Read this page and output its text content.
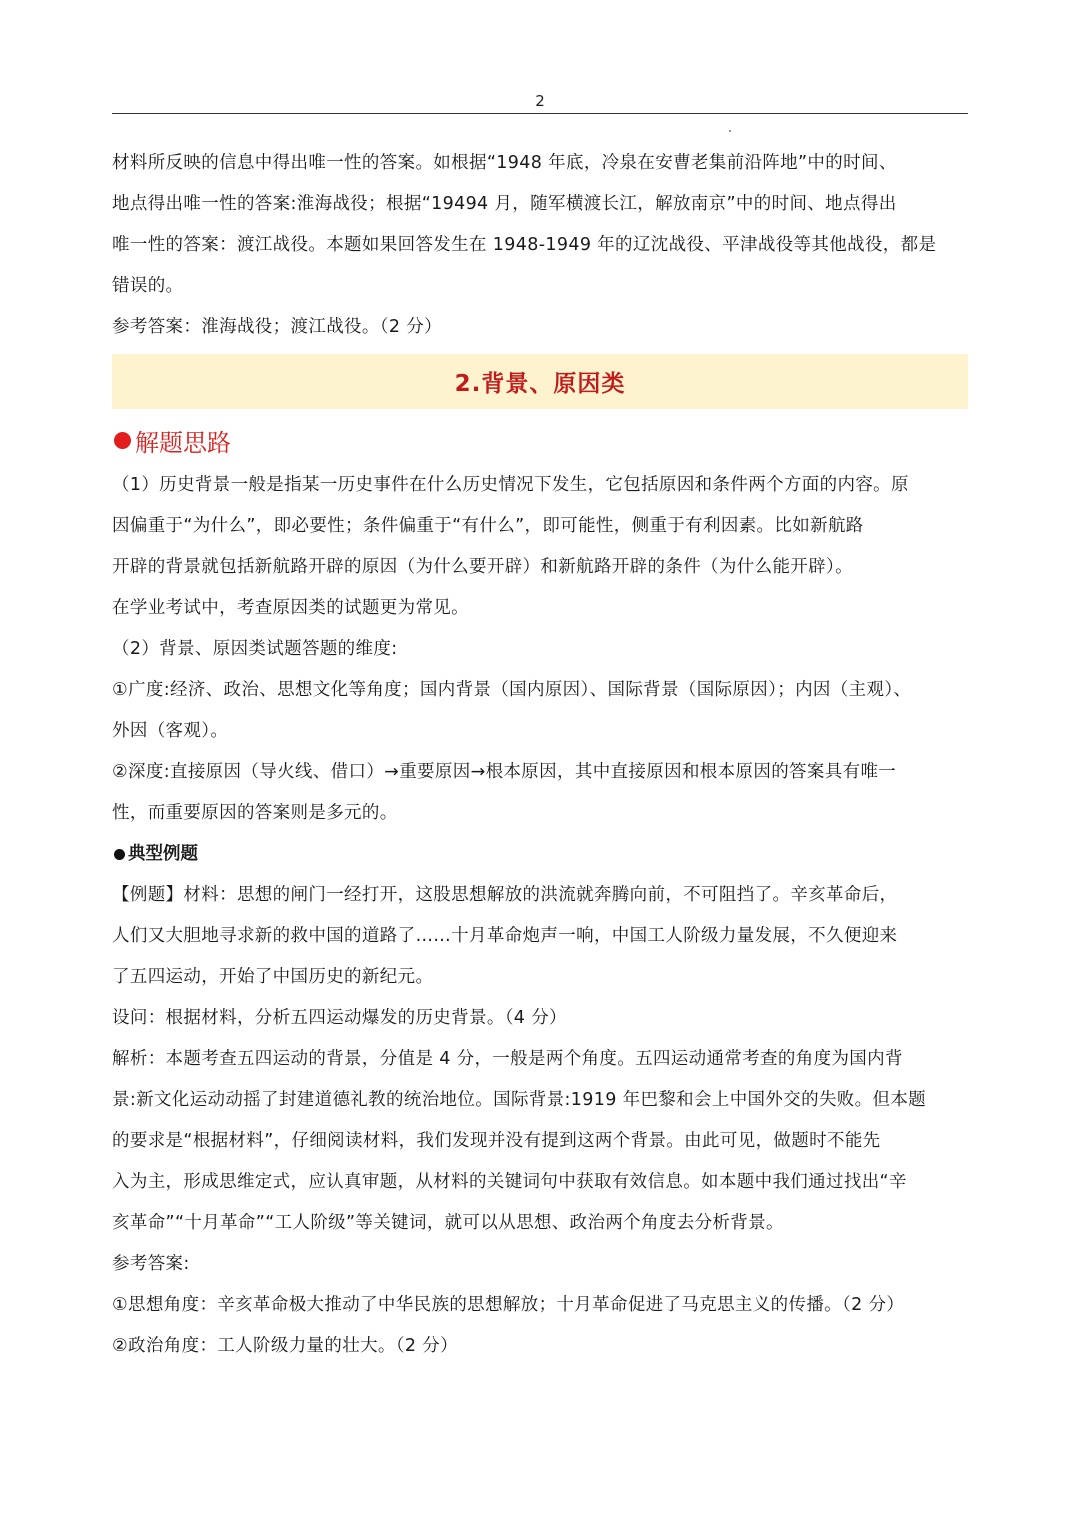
2
材料所反映的信息中得出唯一性的答案。如根据“1948 年底，冷泉在安曹老集前沿阵地”中的时间、
地点得出唯一性的答案:淮海战役；根据“19494 月，随军横渡长江，解放南京”中的时间、地点得出
唯一性的答案：渡江战役。本题如果回答发生在 1948-1949 年的辽沈战役、平津战役等其他战役，都是
错误的。
参考答案：淮海战役；渡江战役。（2 分）
2.背景、原因类
解题思路
（1）历史背景一般是指某一历史事件在什么历史情况下发生，它包括原因和条件两个方面的内容。原
因偏重于“为什么”，即必要性；条件偏重于“有什么”，即可能性，侧重于有利因素。比如新航路
开辟的背景就包括新航路开辟的原因（为什么要开辟）和新航路开辟的条件（为什么能开辟）。
在学业考试中，考查原因类的试题更为常见。
（2）背景、原因类试题答题的维度:
①广度:经济、政治、思想文化等角度；国内背景（国内原因）、国际背景（国际原因）；内因（主观）、
外因（客观）。
②深度:直接原因（导火线、借口）→重要原因→根本原因，其中直接原因和根本原因的答案具有唯一
性，而重要原因的答案则是多元的。
典型例题
【例题】材料：思想的闸门一经打开，这股思想解放的洪流就奔腾向前，不可阻挡了。辛亥革命后，
人们又大胆地寻求新的救中国的道路了……十月革命炮声一响，中国工人阶级力量发展，不久便迎来
了五四运动，开始了中国历史的新纪元。
设问：根据材料，分析五四运动爆发的历史背景。（4 分）
解析：本题考查五四运动的背景，分值是 4 分，一般是两个角度。五四运动通常考查的角度为国内背
景:新文化运动动摇了封建道德礼教的统治地位。国际背景:1919 年巴黎和会上中国外交的失败。但本题
的要求是“根据材料”，仔细阅读材料，我们发现并没有提到这两个背景。由此可见，做题时不能先
入为主，形成思维定式，应认真审题，从材料的关键词句中获取有效信息。如本题中我们通过找出“辛
亥革命”“十月革命”“工人阶级”等关键词，就可以从思想、政治两个角度去分析背景。
参考答案:
①思想角度：辛亥革命极大推动了中华民族的思想解放；十月革命促进了马克思主义的传播。（2 分）
②政治角度：工人阶级力量的壮大。（2 分）
